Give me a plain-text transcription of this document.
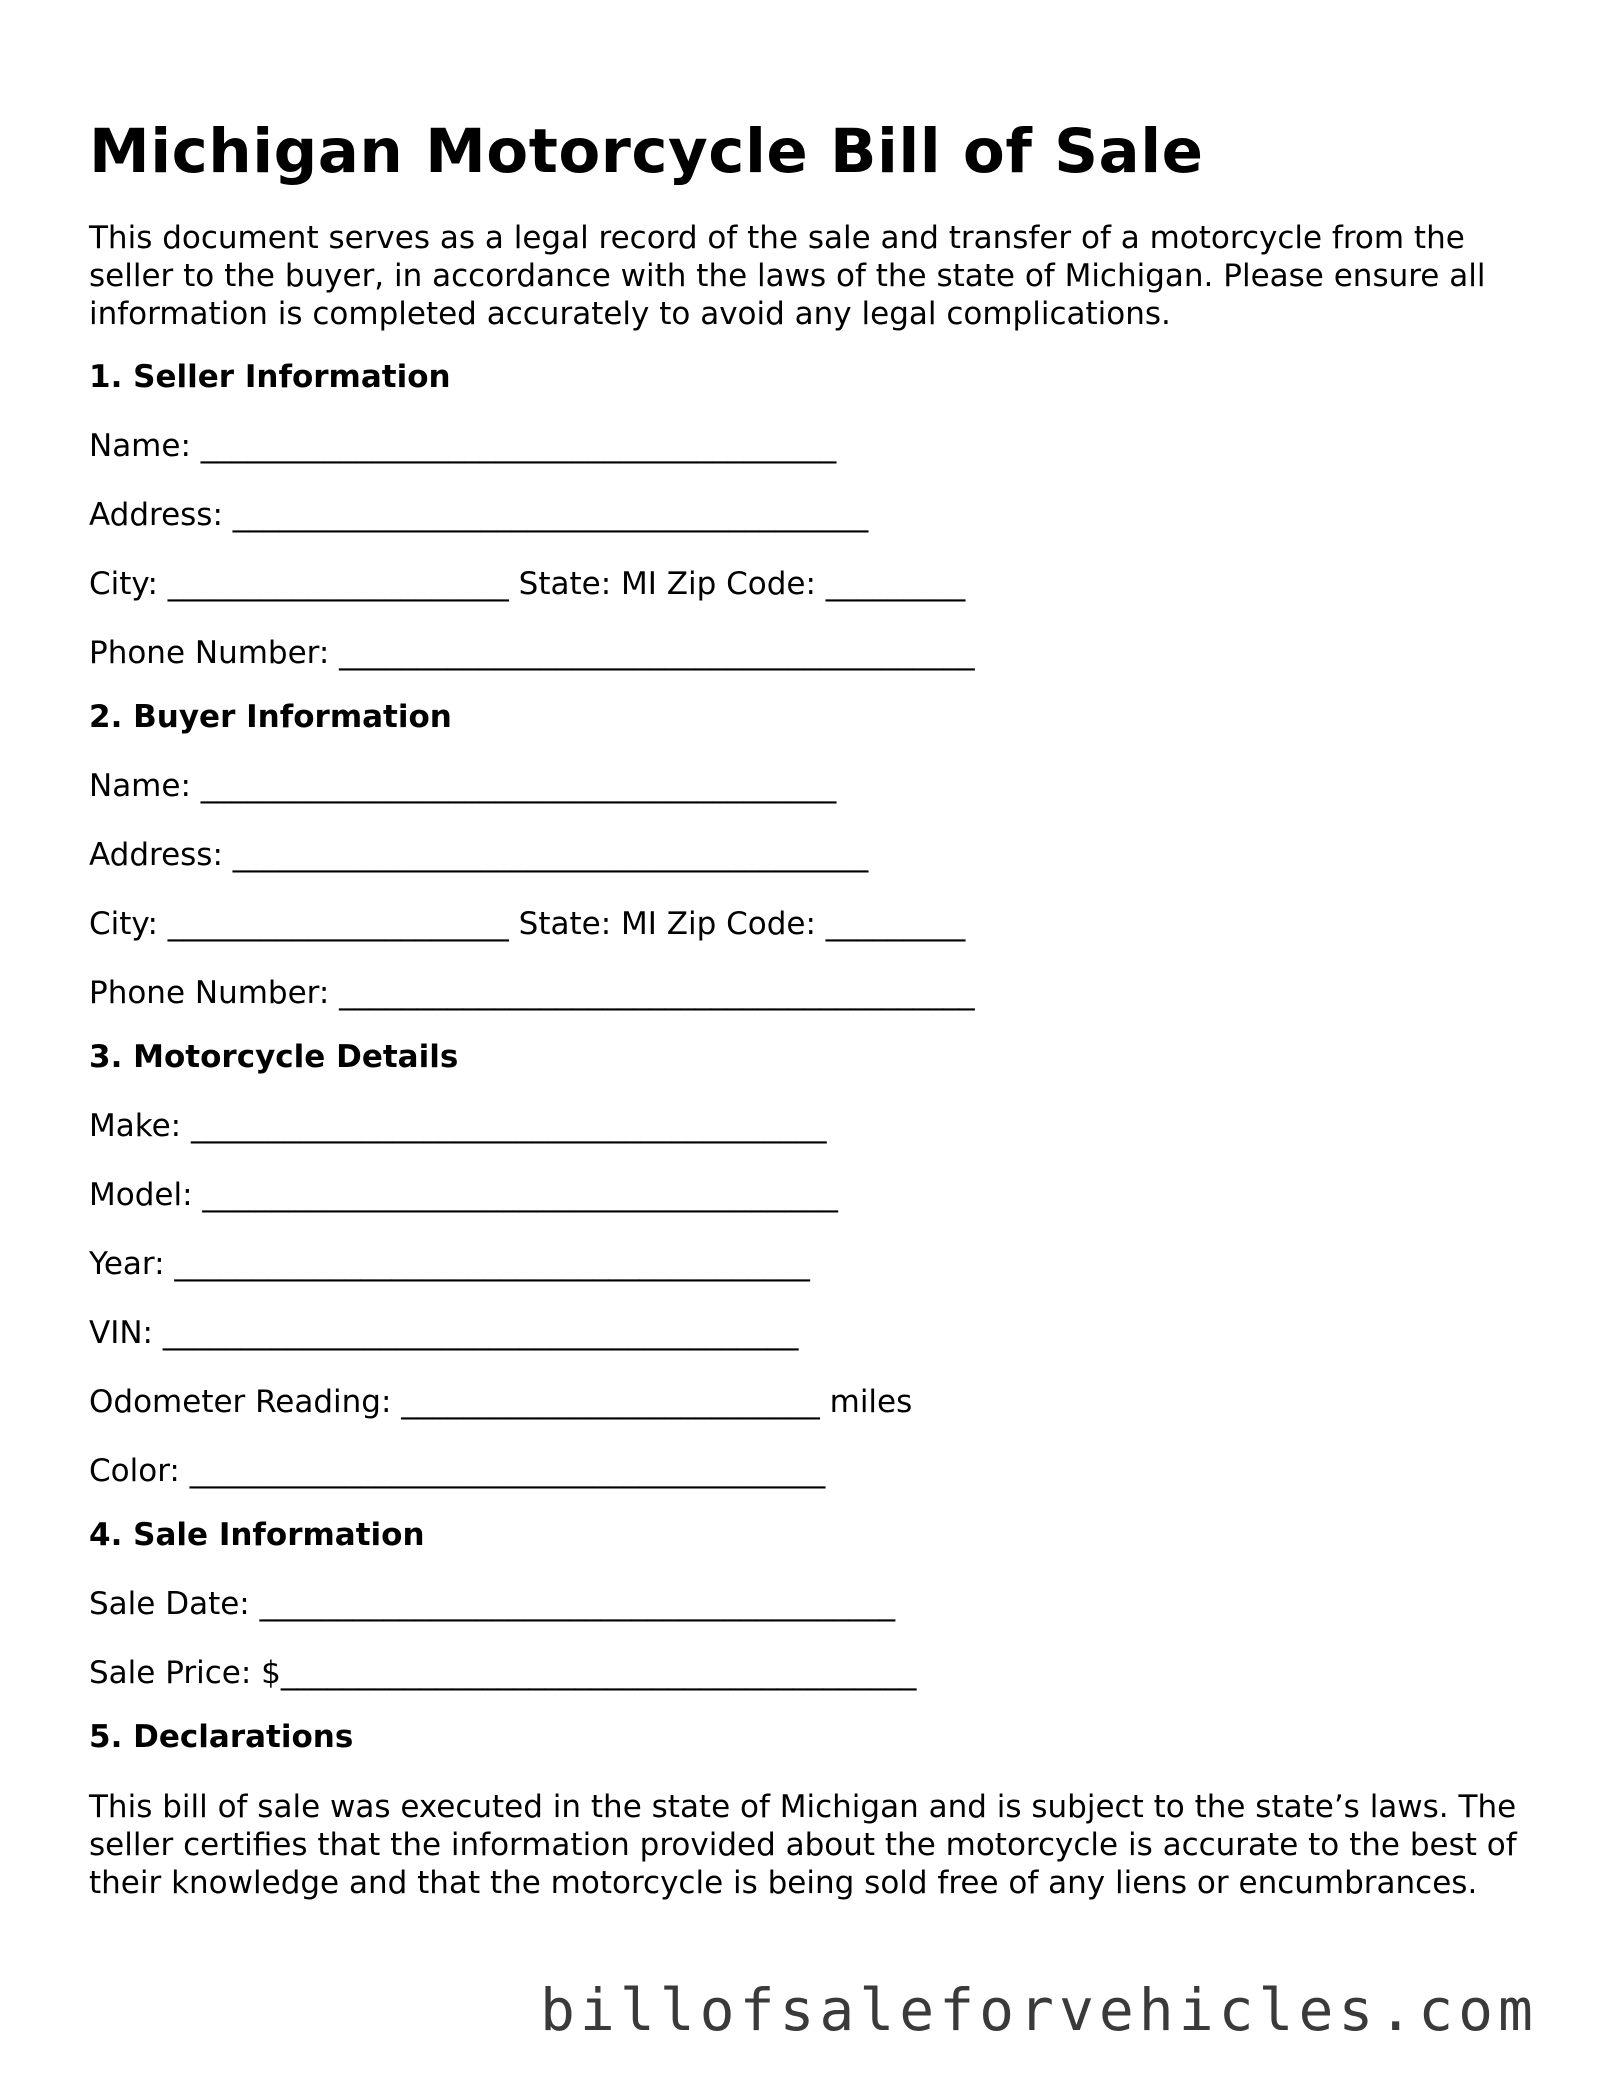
Michigan Motorcycle Bill of Sale

This document serves as a legal record of the sale and transfer of a motorcycle from the seller to the buyer, in accordance with the laws of the state of Michigan. Please ensure all information is completed accurately to avoid any legal complications.

1. Seller Information
Name: _________________________________________
Address: _________________________________________
City: ______________________ State: MI Zip Code: _________
Phone Number: _________________________________________
2. Buyer Information
Name: _________________________________________
Address: _________________________________________
City: ______________________ State: MI Zip Code: _________
Phone Number: _________________________________________
3. Motorcycle Details
Make: _________________________________________
Model: _________________________________________
Year: _________________________________________
VIN: _________________________________________
Odometer Reading: ___________________________ miles
Color: _________________________________________
4. Sale Information
Sale Date: _________________________________________
Sale Price: $_________________________________________
5. Declarations

This bill of sale was executed in the state of Michigan and is subject to the state’s laws. The seller certifies that the information provided about the motorcycle is accurate to the best of their knowledge and that the motorcycle is being sold free of any liens or encumbrances.

billofsaleforvehicles.com
